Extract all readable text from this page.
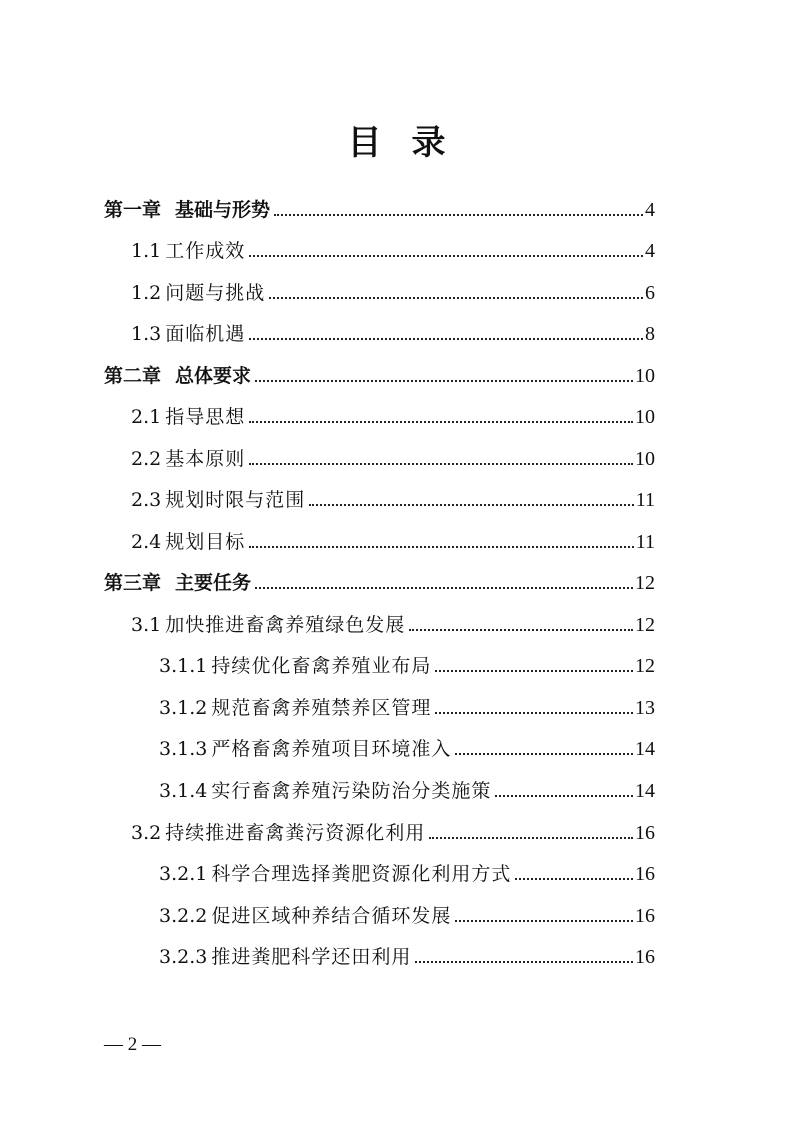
目 录
第一章 基础与形势	4
1.1 工作成效	4
1.2 问题与挑战	6
1.3 面临机遇	8
第二章 总体要求	10
2.1 指导思想	10
2.2 基本原则	10
2.3 规划时限与范围	11
2.4 规划目标	11
第三章 主要任务	12
3.1 加快推进畜禽养殖绿色发展	12
3.1.1 持续优化畜禽养殖业布局	12
3.1.2 规范畜禽养殖禁养区管理	13
3.1.3 严格畜禽养殖项目环境准入	14
3.1.4 实行畜禽养殖污染防治分类施策	14
3.2 持续推进畜禽粪污资源化利用	16
3.2.1 科学合理选择粪肥资源化利用方式	16
3.2.2 促进区域种养结合循环发展	16
3.2.3 推进粪肥科学还田利用	16
— 2 —
